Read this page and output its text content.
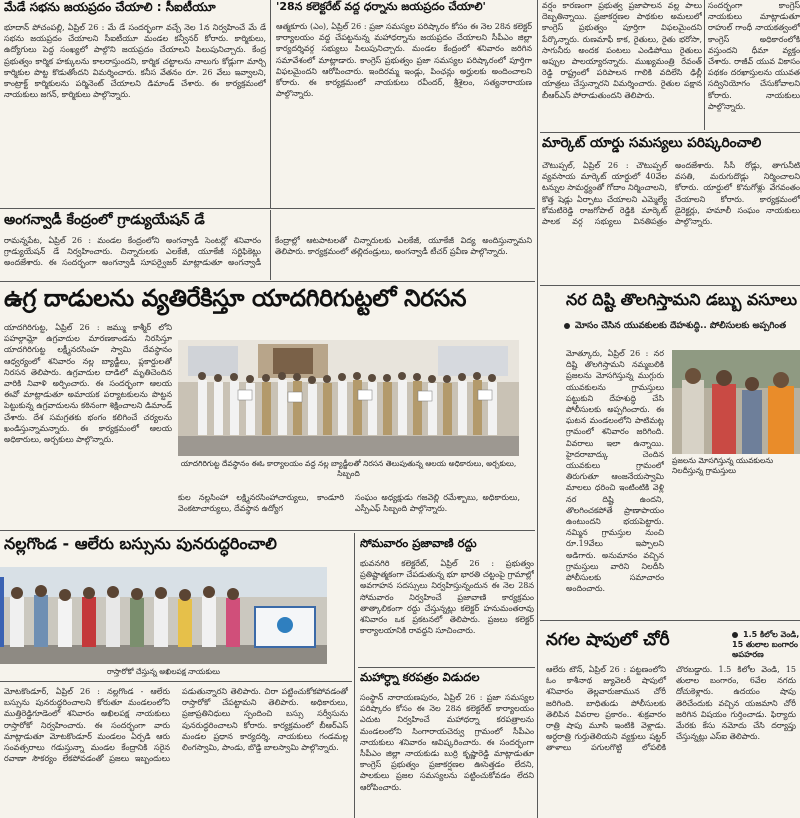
మేడే సభను జయప్రదం చేయాలి : సీఐటీయూ

భూదాన్ పోచంపల్లి, ఏప్రిల్ 26 : మే డే సందర్భంగా వచ్చే నెల 1న నిర్వహించే మే డే సభను జయప్రదం చేయాలని సీఐటీయూ మండల కన్వీనర్ కోరారు. కార్మికులు, ఉద్యోగులు పెద్ద సంఖ్యలో పాల్గొని జయప్రదం చేయాలని పిలుపునిచ్చారు. కేంద్ర ప్రభుత్వం కార్మిక హక్కులను కాలరాస్తుందని, కార్మిక చట్టాలను నాలుగు కోడ్లుగా మార్చి కార్మికుల పొట్ట కొడుతోందని విమర్శించారు. కనీస వేతనం రూ. 26 వేలు ఇవ్వాలని, కాంట్రాక్ట్ కార్మికులను పర్మినెంట్ చేయాలని డిమాండ్ చేశారు. ఈ కార్యక్రమంలో నాయకులు జగన్, కార్మికులు పాల్గొన్నారు.

'28న కలెక్టరేట్ వద్ద ధర్నాను జయప్రదం చేయాలి'

ఆత్మకూరు (ఎం), ఏప్రిల్ 26 : ప్రజా సమస్యల పరిష్కారం కోసం ఈ నెల 28న కలెక్టర్ కార్యాలయం వద్ద చేపట్టనున్న మహాధర్నాను జయప్రదం చేయాలని సీపీఎం జిల్లా కార్యదర్శివర్గ సభ్యులు పిలుపునిచ్చారు. మండల కేంద్రంలో శనివారం జరిగిన సమావేశంలో మాట్లాడారు. కాంగ్రెస్ ప్రభుత్వం ప్రజా సమస్యల పరిష్కారంలో పూర్తిగా విఫలమైందని ఆరోపించారు. ఇందిరమ్మ ఇండ్లు, పింఛన్లు అర్హులకు అందించాలని కోరారు. ఈ కార్యక్రమంలో నాయకులు రవీందర్, శ్రీశైలం, సత్యనారాయణ పాల్గొన్నారు.

వర్షం కారణంగా ప్రభుత్వ ప్రజాపాలన వల్ల పాలు దెబ్బతిన్నాయి. ప్రజాకర్షణల పాథకుల అమలులో కాంగ్రెస్ ప్రభుత్వం పూర్తిగా విఫలమైందని పేర్కొన్నారు. రుణమాఫీ కాక, రైతులు, రైతు భరోసా, సాగునీరు అందక పంటలు ఎండిపోయి రైతులు అప్పుల పాలయ్యారన్నారు. ముఖ్యమంత్రి రేవంత్ రెడ్డి రాష్ట్రంలో పరిపాలన గాలికి వదిలేసి ఢిల్లీ యాత్రలు చేస్తున్నారని విమర్శించారు. రైతుల పక్షాన బీఆర్ఎస్ పోరాడుతుందని తెలిపారు.

సందర్భంగా కాంగ్రెస్ నాయకులు మాట్లాడుతూ రాహుల్ గాంధీ నాయకత్వంలో కాంగ్రెస్ అధికారంలోకి వస్తుందని ధీమా వ్యక్తం చేశారు. రాజీవ్ యువ వికాసం పథకం దరఖాస్తులను యువత సద్వినియోగం చేసుకోవాలని కోరారు. నాయకులు పాల్గొన్నారు.

మార్కెట్ యార్డు సమస్యలు పరిష్కరించాలి

చౌటుప్పల్, ఏప్రిల్ 26 : చౌటుప్పల్ వ్యవసాయ మార్కెట్ యార్డులో 40వేల టన్నుల సామర్థ్యంతో గోదాం నిర్మించాలని, కొత్త షెడ్లు ఏర్పాటు చేయాలని ఎమ్మెల్యే కోమటిరెడ్డి రాజగోపాల్ రెడ్డికి మార్కెట్ పాలక వర్గ సభ్యులు వినతిపత్రం అందజేశారు. సీసీ రోడ్లు, తాగునీటి వసతి, మరుగుదొడ్లు నిర్మించాలని కోరారు. యార్డులో కొనుగోళ్లు వేగవంతం చేయాలని కోరారు. కార్యక్రమంలో డైరెక్టర్లు, హమాలీ సంఘం నాయకులు పాల్గొన్నారు.

అంగన్వాడీ కేంద్రంలో గ్రాడ్యుయేషన్ డే

రామన్నపేట, ఏప్రిల్ 26 : మండల కేంద్రంలోని అంగన్వాడీ సెంటర్లో శనివారం గ్రాడ్యుయేషన్ డే నిర్వహించారు. చిన్నారులకు ఎలకేజీ, యూకేజీ సర్టిఫికెట్లు అందజేశారు. ఈ సందర్భంగా అంగన్వాడీ సూపర్వైజర్ మాట్లాడుతూ అంగన్వాడీ కేంద్రాల్లో ఆటపాటలతో చిన్నారులకు ఎలకేజీ, యూకేజీ విద్య అందిస్తున్నామని తెలిపారు. కార్యక్రమంలో తల్లిదండ్రులు, అంగన్వాడీ టీచర్ ప్రవీణ పాల్గొన్నారు.

ఉగ్ర దాడులను వ్యతిరేకిస్తూ యాదగిరిగుట్టలో నిరసన

యాదగిరిగుట్ట, ఏప్రిల్ 26 : జమ్ము కాశ్మీర్ లోని పహల్గామ్లో ఉగ్రవాదుల మారణకాండను నిరసిస్తూ యాదగిరిగుట్ట లక్ష్మీనరసింహ స్వామి దేవస్థానం ఆధ్వర్యంలో శనివారం నల్ల బ్యాడ్జీలు, ప్లకార్డులతో నిరసన తెలిపారు. ఉగ్రవాదుల దాడిలో మృతిచెందిన వారికి నివాళి అర్పించారు. ఈ సందర్భంగా ఆలయ ఈవో మాట్లాడుతూ అమాయక పర్యాటకులను పొట్టన పెట్టుకున్న ఉగ్రవాదులను కఠినంగా శిక్షించాలని డిమాండ్ చేశారు. దేశ సమగ్రతకు భంగం కలిగించే చర్యలను ఖండిస్తున్నామన్నారు. ఈ కార్యక్రమంలో ఆలయ అధికారులు, అర్చకులు పాల్గొన్నారు.

యాదగిరిగుట్ట దేవస్థానం ఈఓ కార్యాలయం వద్ద నల్ల బ్యాడ్జీలతో నిరసన తెలుపుతున్న ఆలయ అధికారులు, అర్చకులు, సిబ్బంది

కుల నల్లసింహా లక్ష్మినరసింహాచార్యులు, కాండూరి వెంకటాచార్యులు, దేవస్థాన ఉద్యోగ

సంఘం అధ్యక్షుడు గజవెల్లి రమేశ్బాబు, అధికారులు, ఎస్పీఎఫ్ సిబ్బంది పాల్గొన్నారు.

నర దిష్టి తొలగిస్తామని డబ్బు వసూలు
మోసం చేసిన యువకులకు దేహశుద్ధి.. పోలీసులకు అప్పగింత

మోత్కూరు, ఏప్రిల్ 26 : నర దిష్టి తొలగిస్తామని నమ్మబలికి ప్రజలను మోసగిస్తున్న ముగ్గురు యువకులను గ్రామస్తులు పట్టుకుని దేహశుద్ధి చేసి పోలీసులకు అప్పగించారు. ఈ ఘటన మండలంలోని పాటిమట్ల గ్రామంలో శనివారం జరిగింది. వివరాలు ఇలా ఉన్నాయి. హైదరాబాద్కు చెందిన యువకులు గ్రామంలో తిరుగుతూ ఆంజనేయస్వామి మాలలు ధరించి ఇంటింటికి వెళ్లి నర దిష్టి ఉందని, తొలగించకపోతే ప్రాణాపాయం ఉంటుందని భయపెట్టారు. నమ్మిన గ్రామస్తుల నుంచి రూ.19వేలు ఇప్పాలని అడిగారు. అనుమానం వచ్చిన గ్రామస్తులు వారిని నిలదీసి పోలీసులకు సమాచారం అందించారు.

ప్రజలను మోసగిస్తున్న యువకులను నిలదీస్తున్న గ్రామస్తులు
నల్లగొండ - ఆలేరు బస్సును పునరుద్ధరించాలి
రాస్తారోకో చేస్తున్న అఖిలపక్ష నాయకులు

మోటకొండూర్, ఏప్రిల్ 26 : నల్లగొండ - ఆలేరు బస్సును పునరుద్ధరించాలని కోరుతూ మండలంలోని ముత్తిరెడ్డిగూడెంలో శనివారం అఖిలపక్ష నాయకులు రాస్తారోకో నిర్వహించారు. ఈ సందర్భంగా వారు మాట్లాడుతూ మోటకొండూర్ మండలం ఏర్పడి ఆరు సంవత్సరాలు గడుస్తున్నా మండల కేంద్రానికి సరైన రవాణా సౌకర్యం లేకపోవడంతో ప్రజలు ఇబ్బందులు పడుతున్నారని తెలిపారు. చిరా పట్టించుకోకపోవడంతో రాస్తారోకో చేపట్టామని తెలిపారు. అధికారులు, ప్రజాప్రతినిధులు స్పందించి బస్సు సర్వీసును పునరుద్ధరించాలని కోరారు. కార్యక్రమంలో బీఆర్ఎస్ మండల ప్రధాన కార్యదర్శి, నాయకులు గండమల్ల లింగస్వామి, పాండు, బొడ్డి బాలస్వామి పాల్గొన్నారు.

సోమవారం ప్రజావాణి రద్దు

భువనగిరి కలెక్టరేట్, ఏప్రిల్ 26 : ప్రభుత్వం ప్రతిష్టాత్మకంగా చేపడుతున్న భూ భారతి చట్టంపై గ్రామాల్లో అవగాహన సదస్సులు నిర్వహిస్తున్నందున ఈ నెల 28న సోమవారం నిర్వహించే ప్రజావాణి కార్యక్రమం తాత్కాలికంగా రద్దు చేస్తున్నట్లు కలెక్టర్ హనుమంతరావు శనివారం ఒక ప్రకటనలో తెలిపారు. ప్రజలు కలెక్టర్ కార్యాలయానికి రావద్దని సూచించారు.

మహార్ధ్నా కరపత్రం విడుదల

సంస్థాన్ నారాయణపురం, ఏప్రిల్ 26 : ప్రజా సమస్యల పరిష్కారం కోసం ఈ నెల 28న కలెక్టరేట్ కార్యాలయం ఎదుట నిర్వహించే మహాధర్నా కరపత్రాలను మండలంలోని సింగారాయచెర్వు గ్రామంలో సీపీఎం నాయకులు శనివారం ఆవిష్కరించారు. ఈ సందర్భంగా సీపీఎం జిల్లా నాయకుడు బుర్రి కృష్ణారెడ్డి మాట్లాడుతూ కాంగ్రెస్ ప్రభుత్వం ప్రజాకర్షణల ఊసెత్తడం లేదని, పాలకులు ప్రజల సమస్యలను పట్టించుకోవడం లేదని ఆరోపించారు.

నగల షాపులో చోరీ	1.5 కిలోల వెండి, 15 తులాల బంగారం అపహరణ

ఆలేరు టౌన్, ఏప్రిల్ 26 : పట్టణంలోని ఓం కాశీనాథ జ్యువెలరీ షాపులో శనివారం తెల్లవారుజామున చోరీ జరిగింది. బాధితుడు పోలీసులకు తెలిపిన వివరాల ప్రకారం.. శుక్రవారం రాత్రి షాపు మూసి ఇంటికి వెళ్లాడు. అర్ధరాత్రి గుర్తుతెలియని వ్యక్తులు షట్టర్ తాళాలు పగులగొట్టి లోపలికి చొరబడ్డారు. 1.5 కిలోల వెండి, 15 తులాల బంగారం, 6వేల నగదు దోచుకెళ్లారు. ఉదయం షాపు తెరిచేందుకు వచ్చిన యజమాని చోరీ జరిగిన విషయం గుర్తించాడు. ఫిర్యాదు మేరకు కేసు నమోదు చేసి దర్యాప్తు చేస్తున్నట్లు ఎస్ఐ తెలిపారు.
